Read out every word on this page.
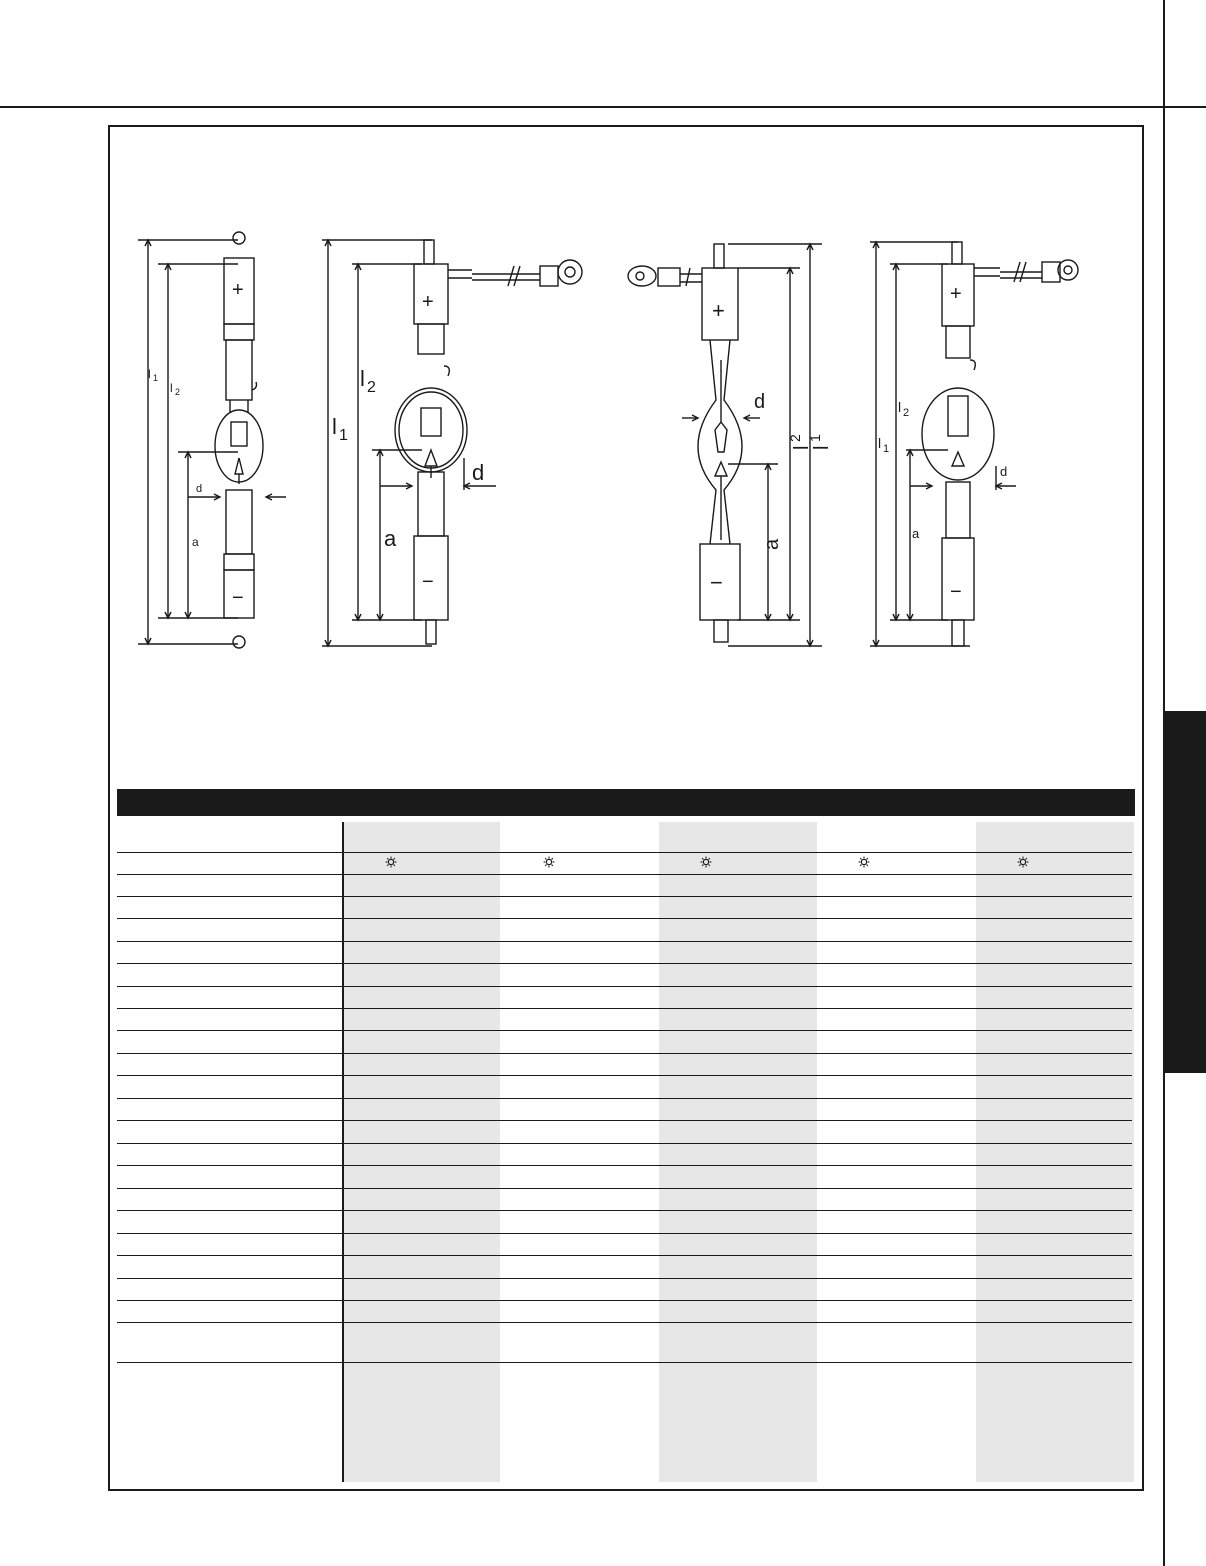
l 1
l 2
a
d
+
−
l 1
l 2
a
d
+
−
l
1
l
2
a
d
+
−
l 1
l 2
a
d
+
−
